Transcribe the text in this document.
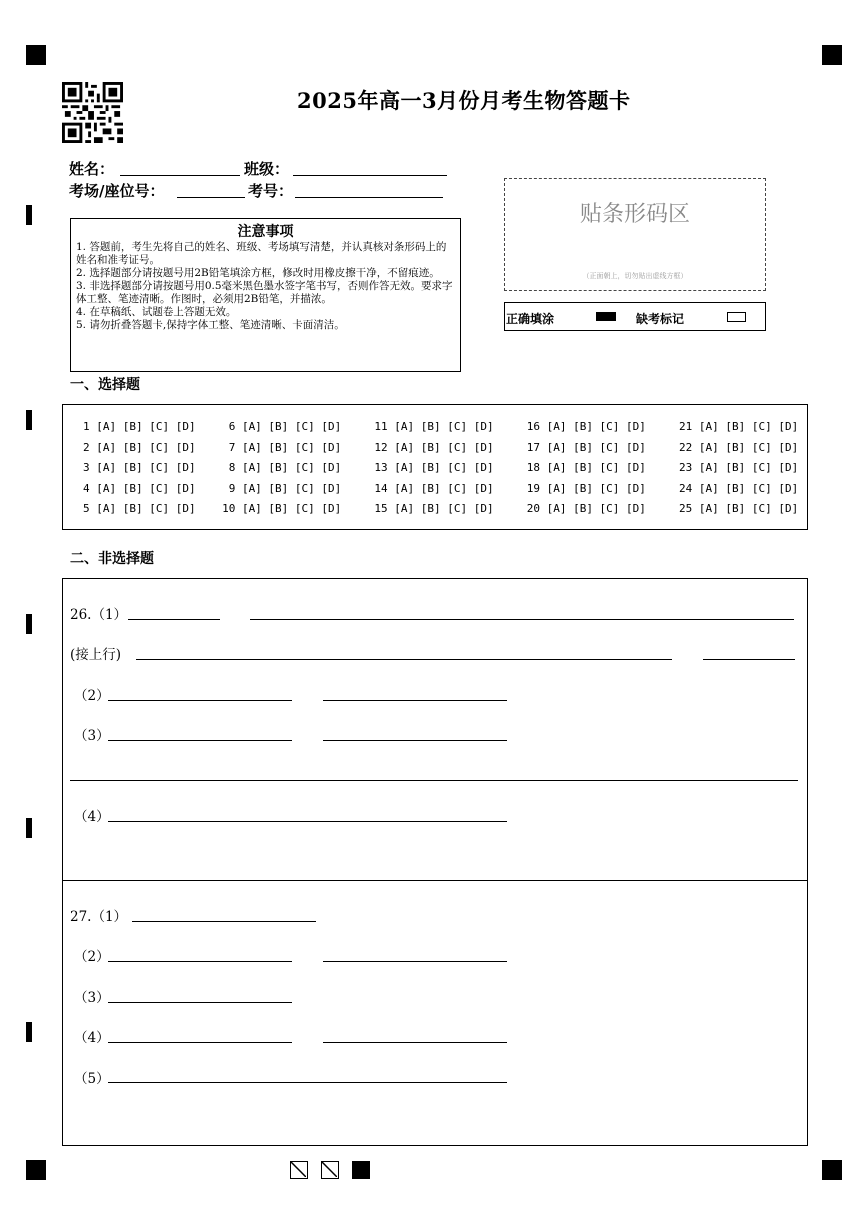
2025年高一3月份月考生物答题卡
姓名：	班级：
考场/座位号：	考号：
注意事项
1. 答题前，考生先将自己的姓名、班级、考场填写清楚，并认真核对条形码上的姓名和准考证号。
2. 选择题部分请按题号用2B铅笔填涂方框，修改时用橡皮擦干净，不留痕迹。
3. 非选择题部分请按题号用0.5毫米黑色墨水签字笔书写，否则作答无效。要求字体工整、笔迹清晰。作图时，必须用2B铅笔，并描浓。
4. 在草稿纸、试题卷上答题无效。
5. 请勿折叠答题卡,保持字体工整、笔迹清晰、卡面清洁。
贴条形码区
（正面朝上，切勿贴出虚线方框）
正确填涂	缺考标记
一、选择题
1 [A] [B] [C] [D]     6 [A] [B] [C] [D]     11 [A] [B] [C] [D]     16 [A] [B] [C] [D]     21 [A] [B] [C] [D]
2 [A] [B] [C] [D]     7 [A] [B] [C] [D]     12 [A] [B] [C] [D]     17 [A] [B] [C] [D]     22 [A] [B] [C] [D]
3 [A] [B] [C] [D]     8 [A] [B] [C] [D]     13 [A] [B] [C] [D]     18 [A] [B] [C] [D]     23 [A] [B] [C] [D]
4 [A] [B] [C] [D]     9 [A] [B] [C] [D]     14 [A] [B] [C] [D]     19 [A] [B] [C] [D]     24 [A] [B] [C] [D]
5 [A] [B] [C] [D]    10 [A] [B] [C] [D]     15 [A] [B] [C] [D]     20 [A] [B] [C] [D]     25 [A] [B] [C] [D]
二、非选择题
26.（1）
(接上行)
（2）
（3）
（4）
27.（1）
（2）
（3）
（4）
（5）
